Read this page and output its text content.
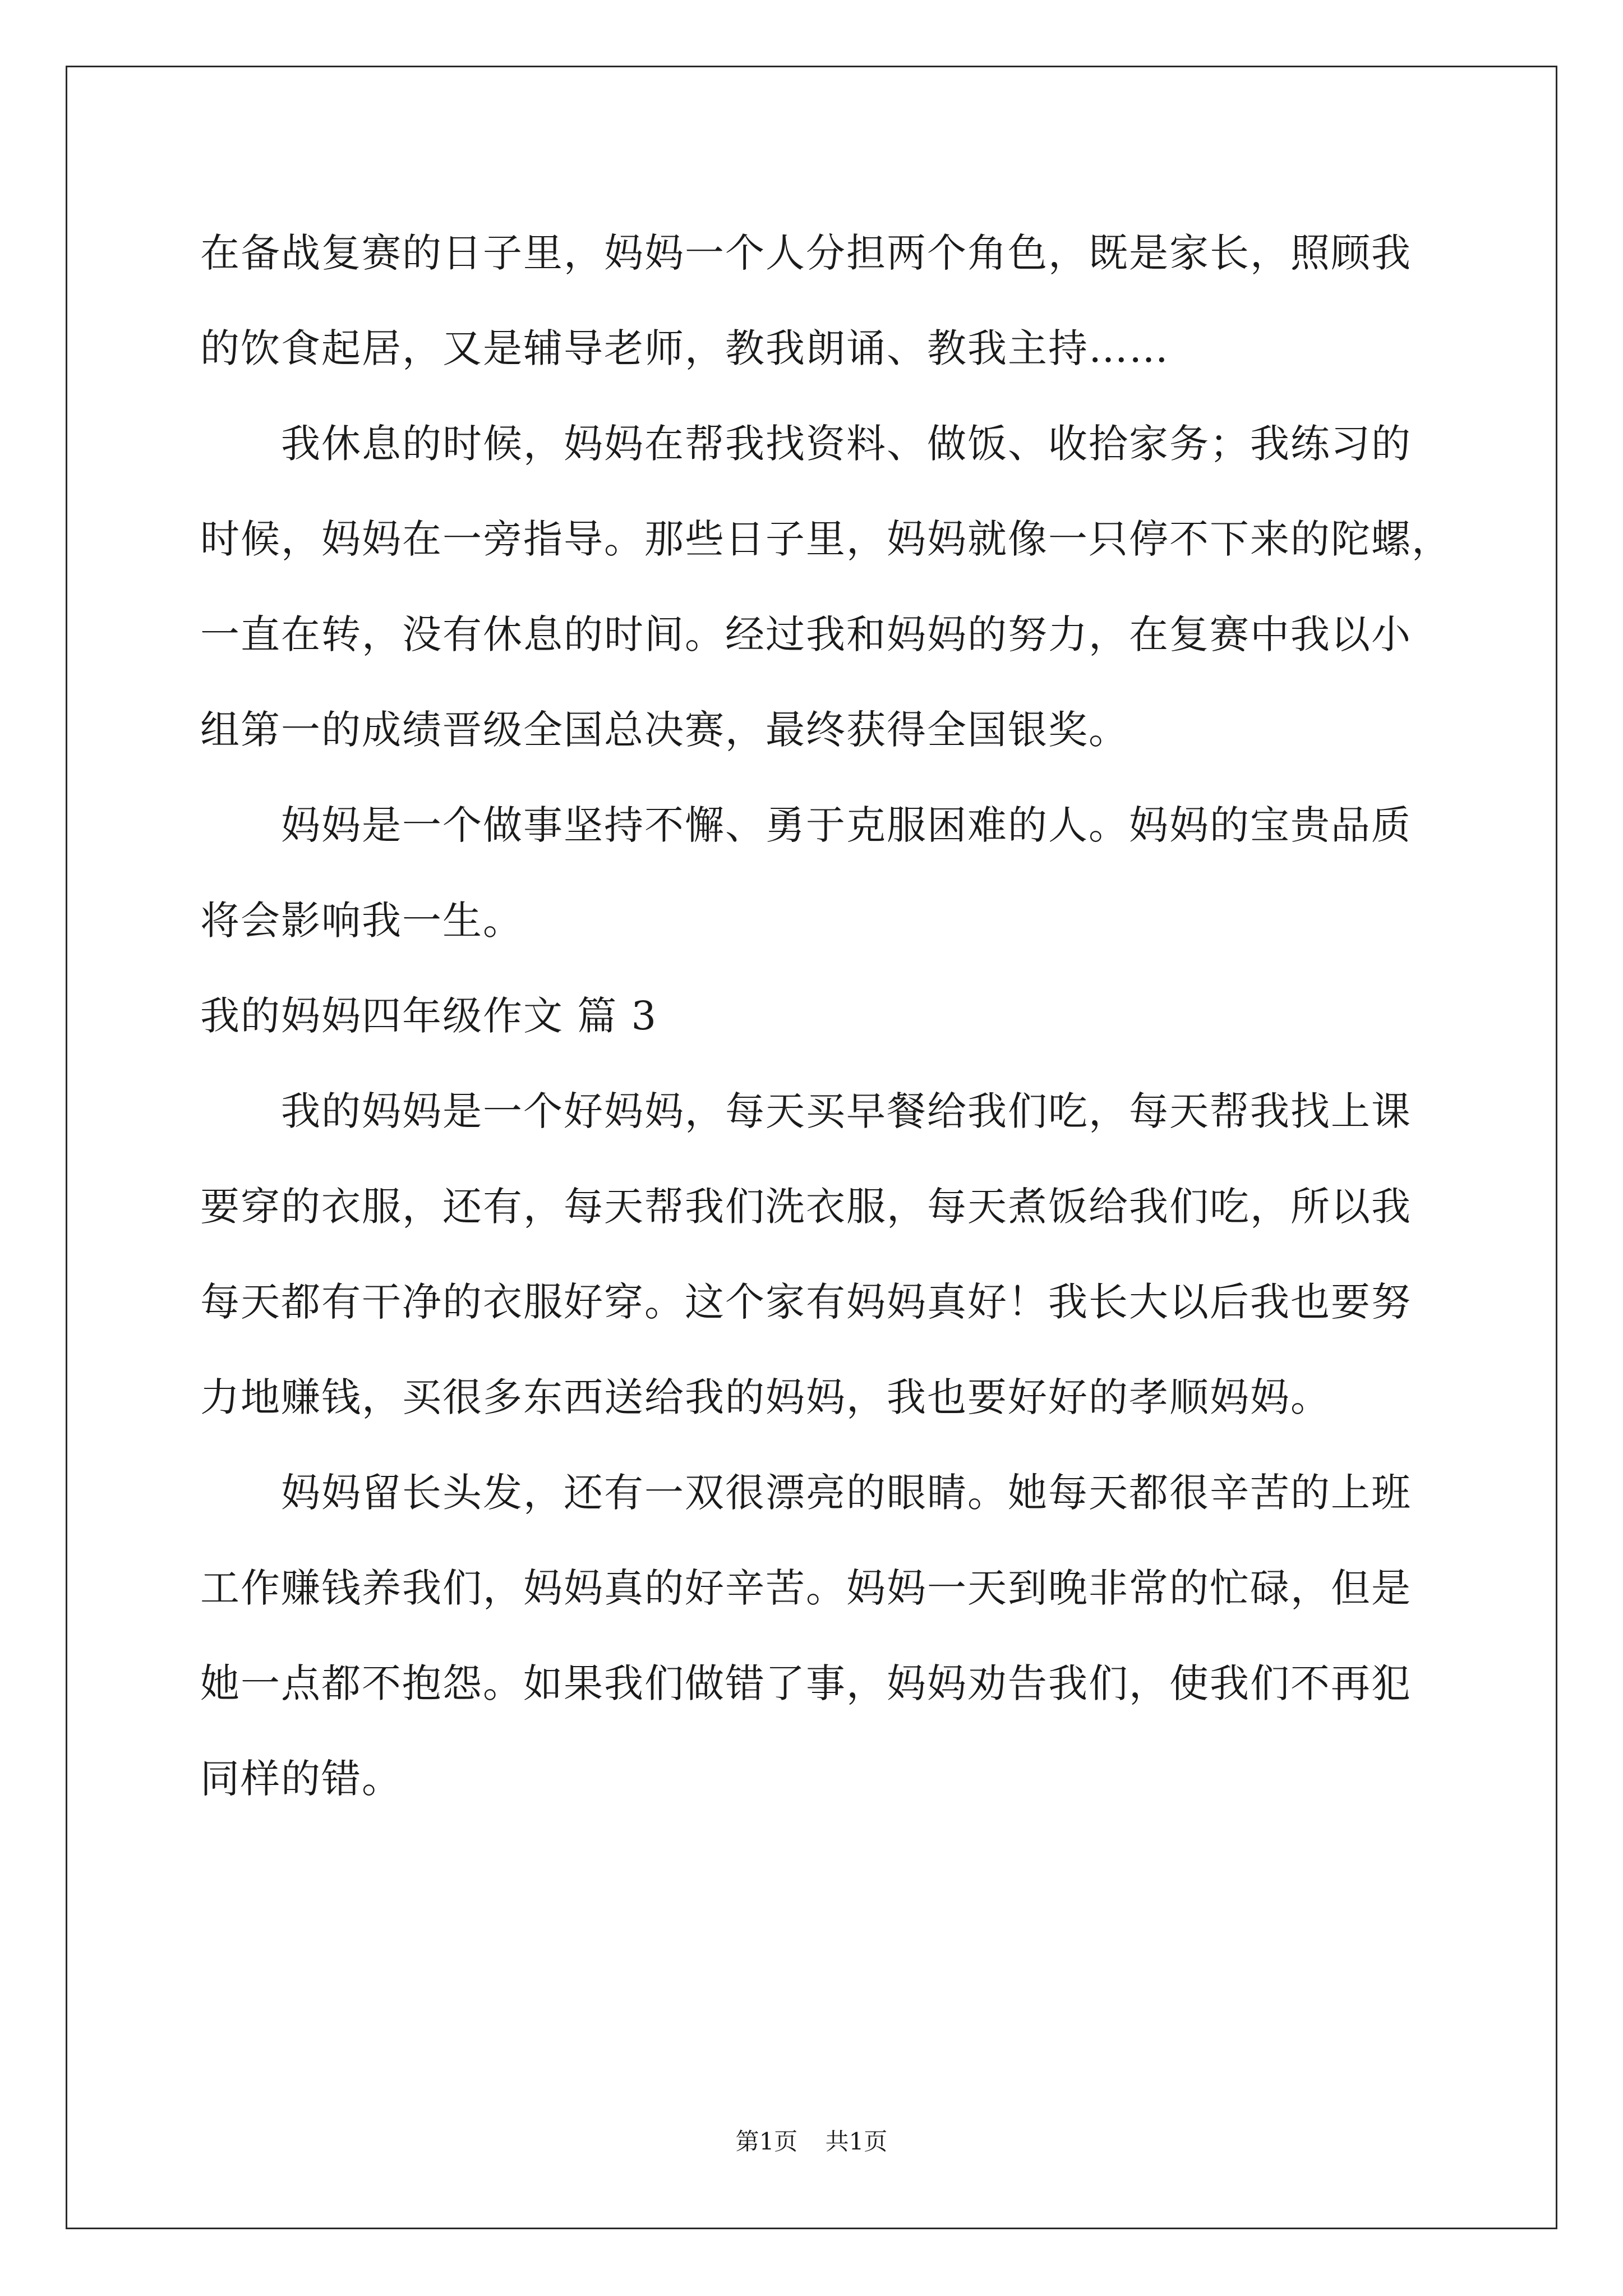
在备战复赛的日子里，妈妈一个人分担两个角色，既是家长，照顾我
的饮食起居，又是辅导老师，教我朗诵、教我主持……
　　我休息的时候，妈妈在帮我找资料、做饭、收拾家务；我练习的
时候，妈妈在一旁指导。那些日子里，妈妈就像一只停不下来的陀螺，
一直在转，没有休息的时间。经过我和妈妈的努力，在复赛中我以小
组第一的成绩晋级全国总决赛，最终获得全国银奖。
　　妈妈是一个做事坚持不懈、勇于克服困难的人。妈妈的宝贵品质
将会影响我一生。
我的妈妈四年级作文 篇 3
　　我的妈妈是一个好妈妈，每天买早餐给我们吃，每天帮我找上课
要穿的衣服，还有，每天帮我们洗衣服，每天煮饭给我们吃，所以我
每天都有干净的衣服好穿。这个家有妈妈真好！我长大以后我也要努
力地赚钱，买很多东西送给我的妈妈，我也要好好的孝顺妈妈。
　　妈妈留长头发，还有一双很漂亮的眼睛。她每天都很辛苦的上班
工作赚钱养我们，妈妈真的好辛苦。妈妈一天到晚非常的忙碌，但是
她一点都不抱怨。如果我们做错了事，妈妈劝告我们，使我们不再犯
同样的错。
第1页 共1页
